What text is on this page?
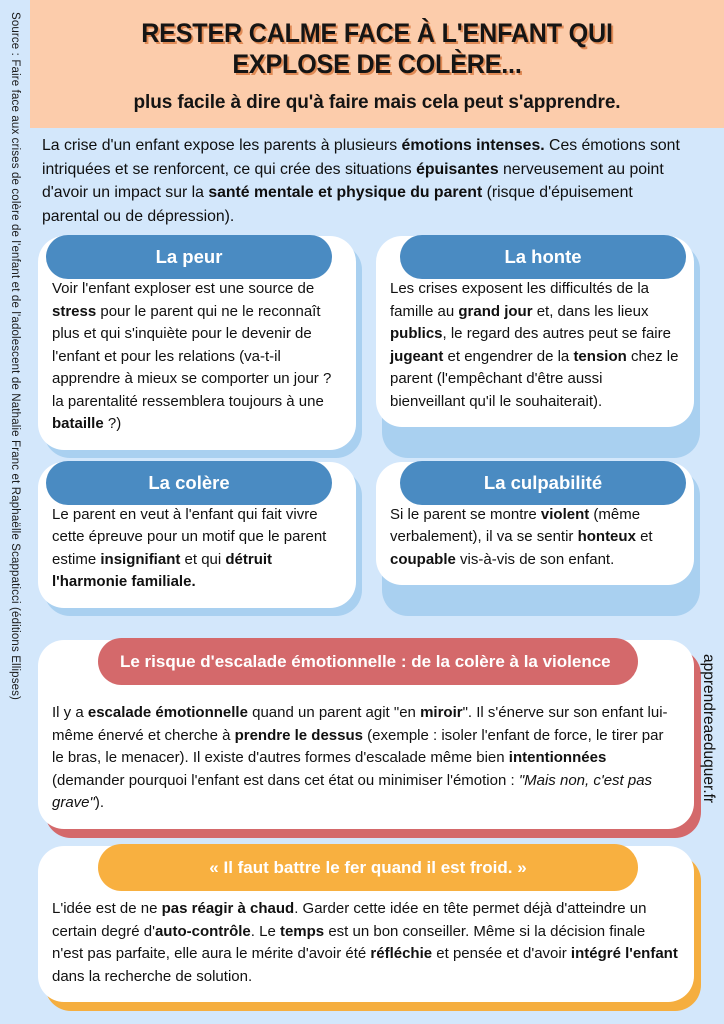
Source : Faire face aux crises de colère de l'enfant et de l'adolescent de Nathalie Franc et Raphaëlle Scappaticci (éditions Ellipses)
apprendreaeduquer.fr
RESTER CALME FACE À L'ENFANT QUI
EXPLOSE DE COLÈRE...
plus facile à dire qu'à faire mais cela peut s'apprendre.
La crise d'un enfant expose les parents à plusieurs émotions intenses. Ces émotions sont intriquées et se renforcent, ce qui crée des situations épuisantes nerveusement au point d'avoir un impact sur la santé mentale et physique du parent (risque d'épuisement parental ou de dépression).
La peur
Voir l'enfant exploser est une source de stress pour le parent qui ne le reconnaît plus et qui s'inquiète pour le devenir de l'enfant et pour les relations (va-t-il apprendre à mieux se comporter un jour ? la parentalité ressemblera toujours à une bataille ?)
La honte
Les crises exposent les difficultés de la famille au grand jour et, dans les lieux publics, le regard des autres peut se faire jugeant et engendrer de la tension chez le parent (l'empêchant d'être aussi bienveillant qu'il le souhaiterait).
La colère
Le parent en veut à l'enfant qui fait vivre cette épreuve pour un motif que le parent estime insignifiant et qui détruit l'harmonie familiale.
La culpabilité
Si le parent se montre violent (même verbalement), il va se sentir honteux et coupable vis-à-vis de son enfant.
Le risque d'escalade émotionnelle : de la colère à la violence
Il y a escalade émotionnelle quand un parent agit "en miroir". Il s'énerve sur son enfant lui-même énervé et cherche à prendre le dessus (exemple : isoler l'enfant de force, le tirer par le bras, le menacer). Il existe d'autres formes d'escalade même bien intentionnées (demander pourquoi l'enfant est dans cet état ou minimiser l'émotion : "Mais non, c'est pas grave").
« Il faut battre le fer quand il est froid. »
L'idée est de ne pas réagir à chaud. Garder cette idée en tête permet déjà d'atteindre un certain degré d'auto-contrôle. Le temps est un bon conseiller. Même si la décision finale n'est pas parfaite, elle aura le mérite d'avoir été réfléchie et pensée et d'avoir intégré l'enfant dans la recherche de solution.
